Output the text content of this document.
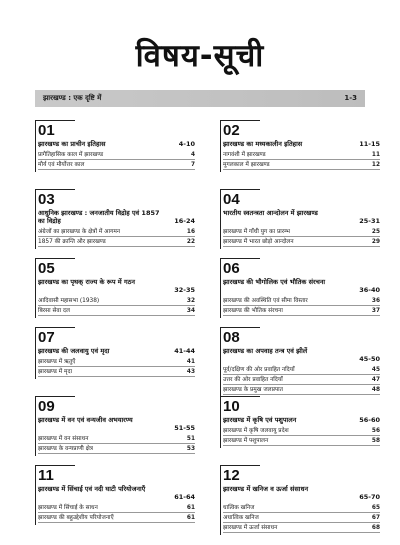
विषय-सूची
झारखण्ड : एक दृष्टि में	1-3
01
झारखण्ड का प्राचीन इतिहास	4-10
प्रागैतिहासिक काल में झारखण्ड	4
मौर्य एवं मौर्योत्तर काल	7
03
आधुनिक झारखण्ड : जनजातीय विद्रोह एवं 1857 का विद्रोह	16-24
अंग्रेजों का झारखण्ड के क्षेत्रों में आगमन	16
1857 की क्रान्ति और झारखण्ड	22
05
झारखण्ड का पृथक् राज्य के रूप में गठन
32-35
आदिवासी महासभा (1938)	32
बिरसा सेवा दल	34
07
झारखण्ड की जलवायु एवं मृदा	41-44
झारखण्ड में ऋतुएँ	41
झारखण्ड में मृदा	43
09
झारखण्ड में वन एवं वन्यजीव अभयारण्य
51-55
झारखण्ड में वन संसाधन	51
झारखण्ड के वन्यप्राणी क्षेत्र	53
11
झारखण्ड में सिंचाई एवं नदी घाटी परियोजनाएँ
61-64
झारखण्ड में सिंचाई के साधन	61
झारखण्ड की बहुउद्देशीय परियोजनाएँ	61
02
झारखण्ड का मध्यकालीन इतिहास	11-15
नागवंशी में झारखण्ड	11
मुगलकाल में झारखण्ड	12
04
भारतीय स्वतन्त्रता आन्दोलन में झारखण्ड
25-31
झारखण्ड में गाँधी युग का प्रारम्भ	25
झारखण्ड में भारत छोड़ो आन्दोलन	29
06
झारखण्ड की भौगोलिक एवं भौतिक संरचना
36-40
झारखण्ड की अवस्थिति एवं सीमा विस्तार	36
झारखण्ड की भौतिक संरचना	37
08
झारखण्ड का अपवाह तन्त्र एवं झीलें
45-50
पूर्व/दक्षिण की ओर प्रवाहित नदियाँ	45
उत्तर की ओर प्रवाहित नदियाँ	47
झारखण्ड के प्रमुख जलप्रपात	48
10
झारखण्ड में कृषि एवं पशुपालन	56-60
झारखण्ड में कृषि जलवायु प्रदेश	56
झारखण्ड में पशुपालन	58
12
झारखण्ड में खनिज व ऊर्जा संसाधन
65-70
धात्विक खनिज	65
अधात्विक खनिज	67
झारखण्ड में ऊर्जा संसाधन	68
